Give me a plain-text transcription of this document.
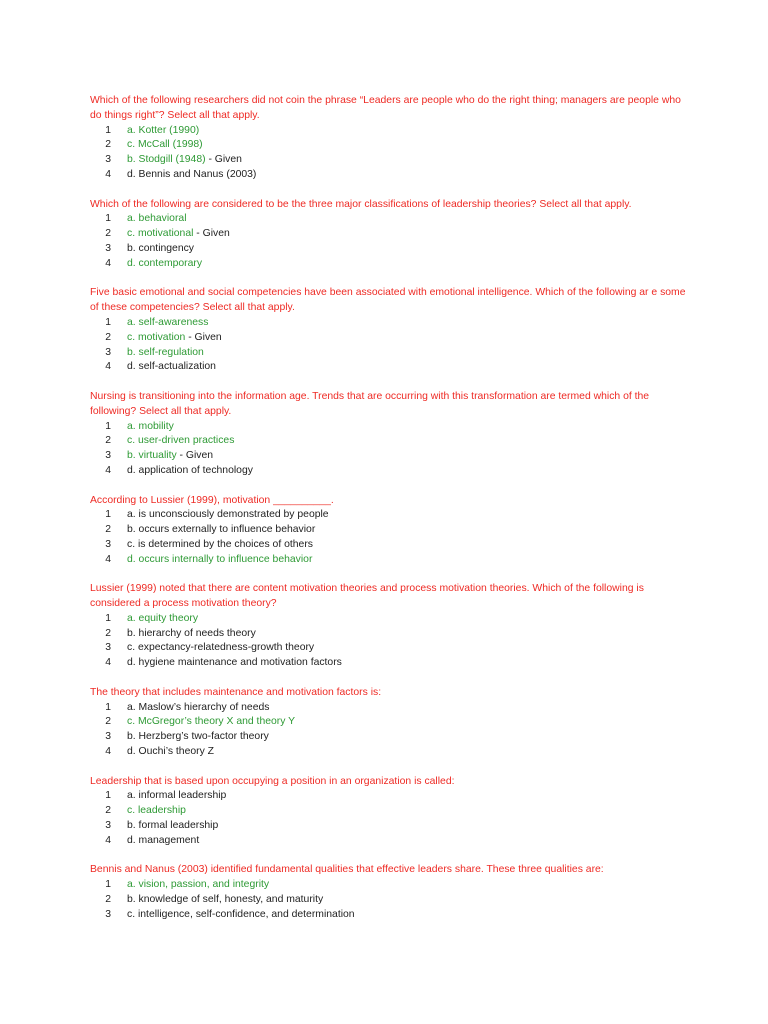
Which of the following researchers did not coin the phrase “Leaders are people who do the right thing; managers are people who do things right”? Select all that apply.

1 a. Kotter (1990)
2 c. McCall (1998)
3 b. Stodgill (1948) - Given
4 d. Bennis and Nanus (2003)

Which of the following are considered to be the three major classifications of leadership theories? Select all that apply.

1 a. behavioral
2 c. motivational - Given
3 b. contingency
4 d. contemporary

Five basic emotional and social competencies have been associated with emotional intelligence. Which of the following ar e some of these competencies? Select all that apply.

1 a. self-awareness
2 c. motivation - Given
3 b. self-regulation
4 d. self-actualization

Nursing is transitioning into the information age. Trends that are occurring with this transformation are termed which of the following? Select all that apply.

1 a. mobility
2 c. user-driven practices
3 b. virtuality - Given
4 d. application of technology

According to Lussier (1999), motivation __________.

1 a. is unconsciously demonstrated by people
2 b. occurs externally to influence behavior
3 c. is determined by the choices of others
4 d. occurs internally to influence behavior

Lussier (1999) noted that there are content motivation theories and process motivation theories. Which of the following is considered a process motivation theory?

1 a. equity theory
2 b. hierarchy of needs theory
3 c. expectancy-relatedness-growth theory
4 d. hygiene maintenance and motivation factors

The theory that includes maintenance and motivation factors is:

1 a. Maslow’s hierarchy of needs
2 c. McGregor’s theory X and theory Y
3 b. Herzberg’s two-factor theory
4 d. Ouchi’s theory Z

Leadership that is based upon occupying a position in an organization is called:

1 a. informal leadership
2 c. leadership
3 b. formal leadership
4 d. management

Bennis and Nanus (2003) identified fundamental qualities that effective leaders share. These three qualities are:

1 a. vision, passion, and integrity
2 b. knowledge of self, honesty, and maturity
3 c. intelligence, self-confidence, and determination
